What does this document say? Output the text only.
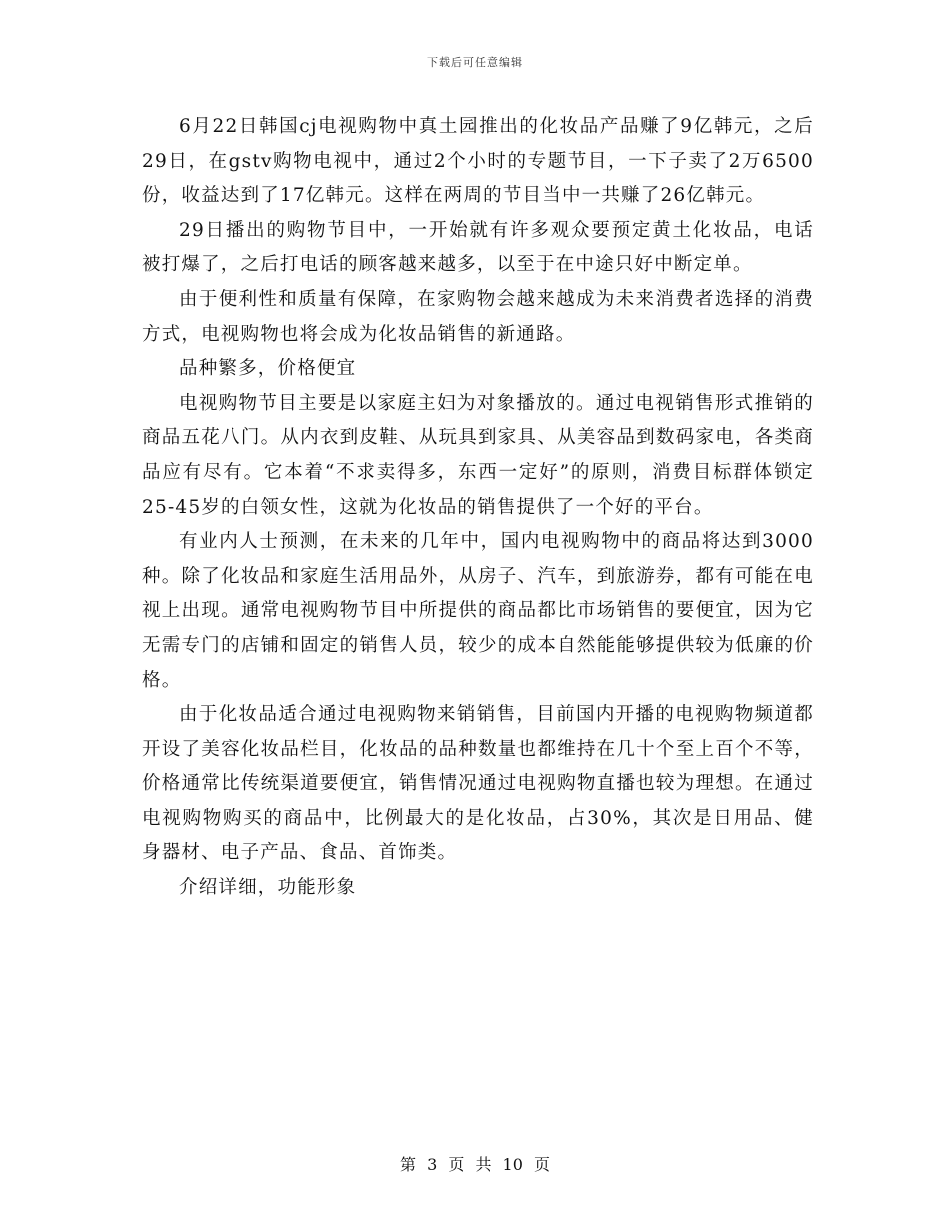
下载后可任意编辑

6月22日韩国cj电视购物中真土园推出的化妆品产品赚了9亿韩元，之后29日，在gstv购物电视中，通过2个小时的专题节目，一下子卖了2万6500份，收益达到了17亿韩元。这样在两周的节目当中一共赚了26亿韩元。

29日播出的购物节目中，一开始就有许多观众要预定黄土化妆品，电话被打爆了，之后打电话的顾客越来越多，以至于在中途只好中断定单。

由于便利性和质量有保障，在家购物会越来越成为未来消费者选择的消费方式，电视购物也将会成为化妆品销售的新通路。

品种繁多，价格便宜

电视购物节目主要是以家庭主妇为对象播放的。通过电视销售形式推销的商品五花八门。从内衣到皮鞋、从玩具到家具、从美容品到数码家电，各类商品应有尽有。它本着“不求卖得多，东西一定好”的原则，消费目标群体锁定25-45岁的白领女性，这就为化妆品的销售提供了一个好的平台。

有业内人士预测，在未来的几年中，国内电视购物中的商品将达到3000种。除了化妆品和家庭生活用品外，从房子、汽车，到旅游券，都有可能在电视上出现。通常电视购物节目中所提供的商品都比市场销售的要便宜，因为它无需专门的店铺和固定的销售人员，较少的成本自然能能够提供较为低廉的价格。

由于化妆品适合通过电视购物来销销售，目前国内开播的电视购物频道都开设了美容化妆品栏目，化妆品的品种数量也都维持在几十个至上百个不等，价格通常比传统渠道要便宜，销售情况通过电视购物直播也较为理想。在通过电视购物购买的商品中，比例最大的是化妆品，占30%，其次是日用品、健身器材、电子产品、食品、首饰类。

介绍详细，功能形象

第 3 页 共 10 页
